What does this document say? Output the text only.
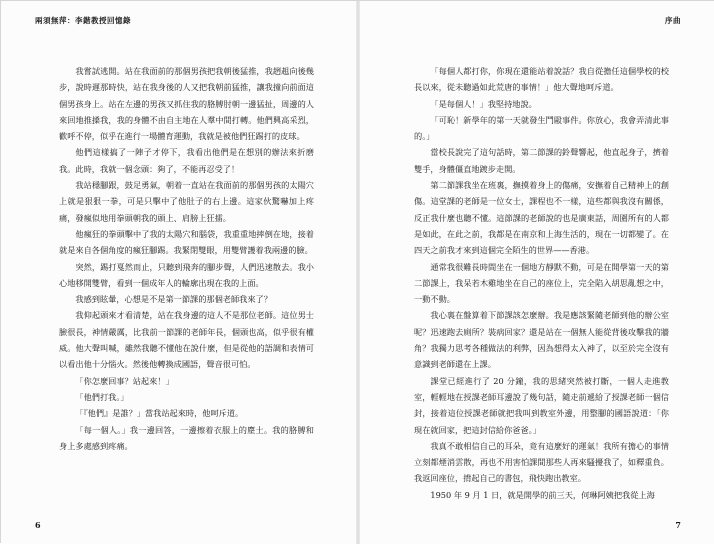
兩須無萍：李鍇教授回憶錄

我嘗試逃開。站在我面前的那個男孩把我朝後猛推，我趔趄向後幾步，說時遲那時快，站在我身後的人又把我朝前猛推，讓我撞向前面這個男孩身上。站在左邊的男孩又抓住我的胳膊肘朝一邊猛扯，周邊的人來回地推搡我，我的身體不由自主地在人羣中間打轉。他們興高采烈，歡呼不停，似乎在進行一場體育運動，我就是被他們狂踢打的皮球。

他們這樣搞了一陣子才停下，我看出他們是在想別的辦法來折磨我。此時，我就一個念頭：夠了，不能再忍受了！

我站穩腳跟，鼓足勇氣，朝着一直站在我面前的那個男孩的太陽穴上就是狠狠一拳，可是只擊中了他肚子的右上邊。這家伙驚嚇加上疼痛，發瘋似地用拳頭朝我的頭上、肩膀上狂擂。

他瘋狂的拳頭擊中了我的太陽穴和腦袋，我重重地摔倒在地，接着就是來自各個角度的瘋狂腳踢。我緊閉雙眼，用雙臂護着我兩邊的臉。

突然，踢打戛然而止，只聽到飛奔的腳步聲，人們迅速散去。我小心地移開雙臂，看到一個成年人的輪廓出現在我的上面。

我感到眩暈，心想是不是第一節課的那個老師我來了？

我仰起頭來才看清楚，站在我身邊的這人不是那位老師。這位男士臉很長，神情嚴厲，比我前一節課的老師年長，個頭也高，似乎很有權威。他大聲叫喊，雖然我聽不懂他在說什麼，但是從他的語調和表情可以看出他十分惱火。然後他轉換成國語，聲音很可怕。

「你怎麼回事？站起來！」

「他們打我。」

「『他們』是誰？」當我站起來時，他呵斥道。

「每一個人。」我一邊回答，一邊擦着衣服上的塵土。我的胳膊和身上多處感到疼痛。

6
序曲

「每個人都打你，你現在還能站着說話？我自從擔任這個學校的校長以來，從未聽過如此荒唐的事情！」他大聲地呵斥道。

「是每個人！」我堅持地說。

「可恥！新學年的第一天就發生鬥毆事件。你放心，我會弄清此事的。」

當校長說完了這句話時，第二節課的鈴聲響起，他直起身子，擠着雙手，身體僵直地踱步走開。

第二節課我坐在班裏，撫摸着身上的傷痛，安撫着自己精神上的創傷。這堂課的老師是一位女士，課程也不一樣，這些都與我沒有關係，反正我什麼也聽不懂。這節課的老師說的也是廣東話，周圍所有的人都是如此，在此之前，我都是在南京和上海生活的，現在一切都變了。在四天之前我才來到這個完全陌生的世界——香港。

通常我很難長時間坐在一個地方靜默不動，可是在開學第一天的第二節課上，我呆若木雞地坐在自己的座位上，完全陷入胡思亂想之中，一動不動。

我心裏在盤算着下節課該怎麼辦。我是應該緊隨老師到他的辦公室呢？迅速跑去廁所？裝病回家？還是站在一個無人能從背後攻擊我的牆角？我獨力思考各種做法的利弊，因為想得太入神了，以至於完全沒有意識到老師還在上課。

課堂已經進行了 20 分鐘，我的思緒突然被打斷，一個人走進教室，輕輕地在授課老師耳邊說了幾句話，隨走前遞給了授課老師一個信封，接着這位授課老師就把我叫到教室外邊，用整腳的國語說道：「你現在就回家，把這封信給你爸爸。」

我真不敢相信自己的耳朵，竟有這麼好的運氣！我所有擔心的事情立刻都煙消雲散，再也不用害怕課間那些人再來騷擾我了，如釋重負。我返回座位，揹起自己的書包，飛快跑出教室。

1950 年 9 月 1 日，就是開學的前三天，何琳阿姨把我從上海

7
